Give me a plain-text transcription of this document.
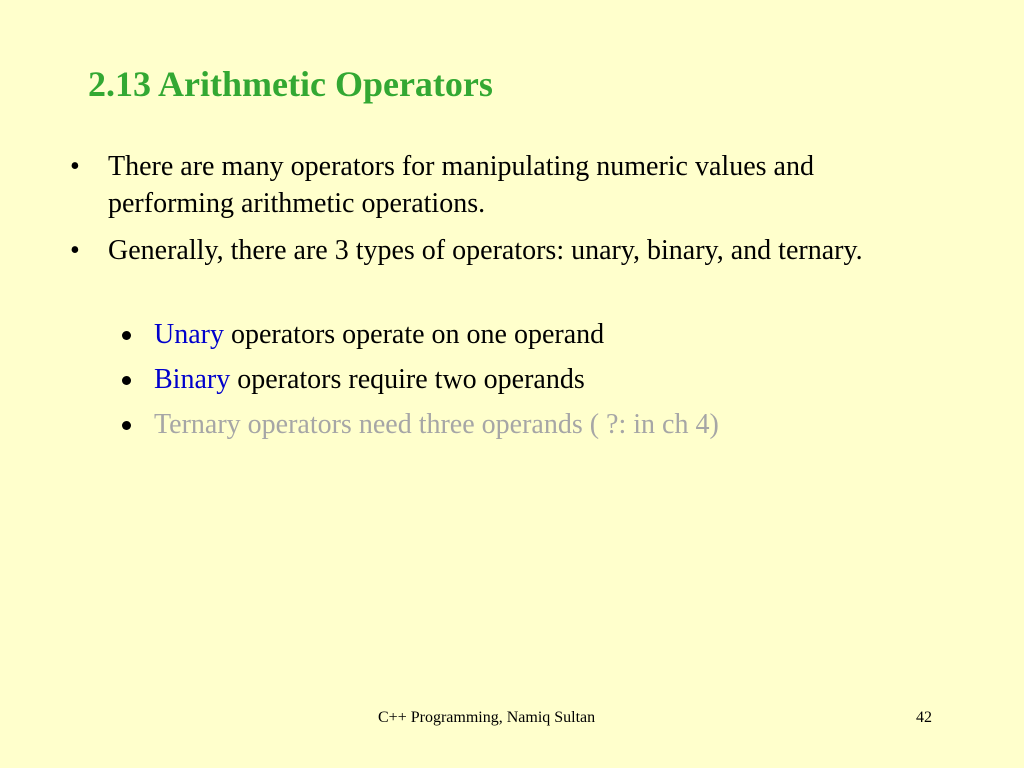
2.13 Arithmetic Operators
•	There are many operators for manipulating numeric values and performing arithmetic operations.
•	Generally, there are 3 types of operators: unary, binary, and ternary.
Unary operators operate on one operand
Binary operators require two operands
Ternary operators need three operands ( ?: in ch 4)
C++ Programming, Namiq Sultan	42
